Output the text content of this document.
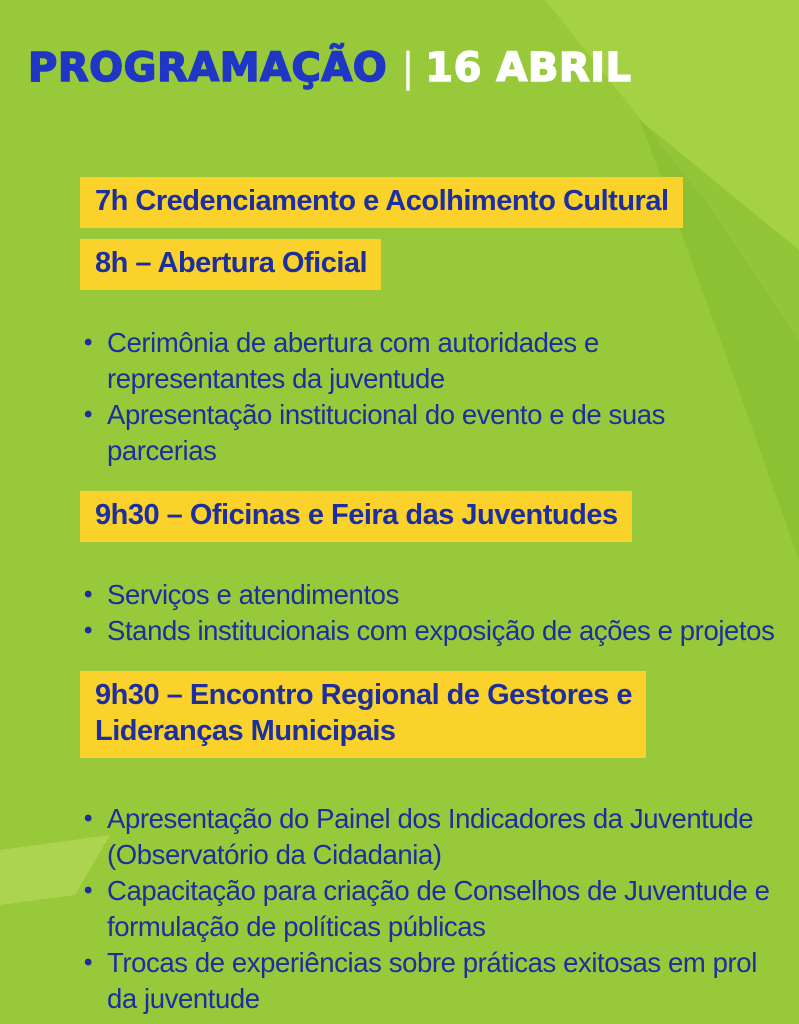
PROGRAMAÇÃO | 16 ABRIL
7h Credenciamento e Acolhimento Cultural
8h – Abertura Oficial
• Cerimônia de abertura com autoridades e representantes da juventude
• Apresentação institucional do evento e de suas parcerias
9h30 – Oficinas e Feira das Juventudes
• Serviços e atendimentos
• Stands institucionais com exposição de ações e projetos
9h30 – Encontro Regional de Gestores e
Lideranças Municipais
• Apresentação do Painel dos Indicadores da Juventude (Observatório da Cidadania)
• Capacitação para criação de Conselhos de Juventude e formulação de políticas públicas
• Trocas de experiências sobre práticas exitosas em prol da juventude
